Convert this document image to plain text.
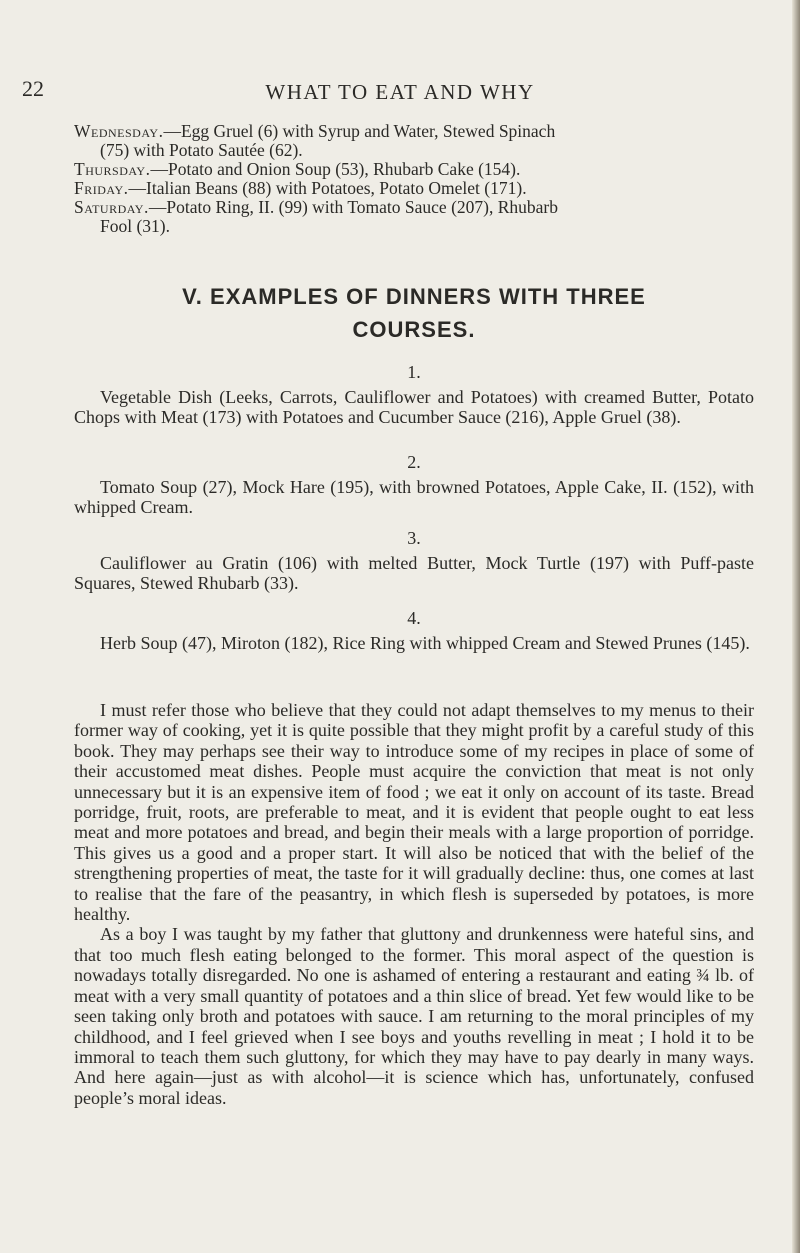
22	WHAT TO EAT AND WHY

Wednesday.—Egg Gruel (6) with Syrup and Water, Stewed Spinach
(75) with Potato Sautée (62).

Thursday.—Potato and Onion Soup (53), Rhubarb Cake (154).

Friday.—Italian Beans (88) with Potatoes, Potato Omelet (171).

Saturday.—Potato Ring, II. (99) with Tomato Sauce (207), Rhubarb
Fool (31).

V. EXAMPLES OF DINNERS WITH THREE
COURSES.
1.

Vegetable Dish (Leeks, Carrots, Cauliflower and Potatoes) with creamed Butter, Potato Chops with Meat (173) with Potatoes and Cucumber Sauce (216), Apple Gruel (38).

2.

Tomato Soup (27), Mock Hare (195), with browned Potatoes, Apple Cake, II. (152), with whipped Cream.

3.

Cauliflower au Gratin (106) with melted Butter, Mock Turtle (197) with Puff-paste Squares, Stewed Rhubarb (33).

4.

Herb Soup (47), Miroton (182), Rice Ring with whipped Cream and Stewed Prunes (145).

I must refer those who believe that they could not adapt themselves to my menus to their former way of cooking, yet it is quite possible that they might profit by a careful study of this book. They may perhaps see their way to introduce some of my recipes in place of some of their accustomed meat dishes. People must acquire the conviction that meat is not only unnecessary but it is an expensive item of food ; we eat it only on account of its taste. Bread porridge, fruit, roots, are preferable to meat, and it is evident that people ought to eat less meat and more potatoes and bread, and begin their meals with a large proportion of porridge. This gives us a good and a proper start. It will also be noticed that with the belief of the strengthening properties of meat, the taste for it will gradually decline: thus, one comes at last to realise that the fare of the peasantry, in which flesh is superseded by potatoes, is more healthy.

As a boy I was taught by my father that gluttony and drunkenness were hateful sins, and that too much flesh eating belonged to the former. This moral aspect of the question is nowadays totally disregarded. No one is ashamed of entering a restaurant and eating ¾ lb. of meat with a very small quantity of potatoes and a thin slice of bread. Yet few would like to be seen taking only broth and potatoes with sauce. I am returning to the moral principles of my childhood, and I feel grieved when I see boys and youths revelling in meat ; I hold it to be immoral to teach them such gluttony, for which they may have to pay dearly in many ways. And here again—just as with alcohol—it is science which has, unfortunately, confused people’s moral ideas.
